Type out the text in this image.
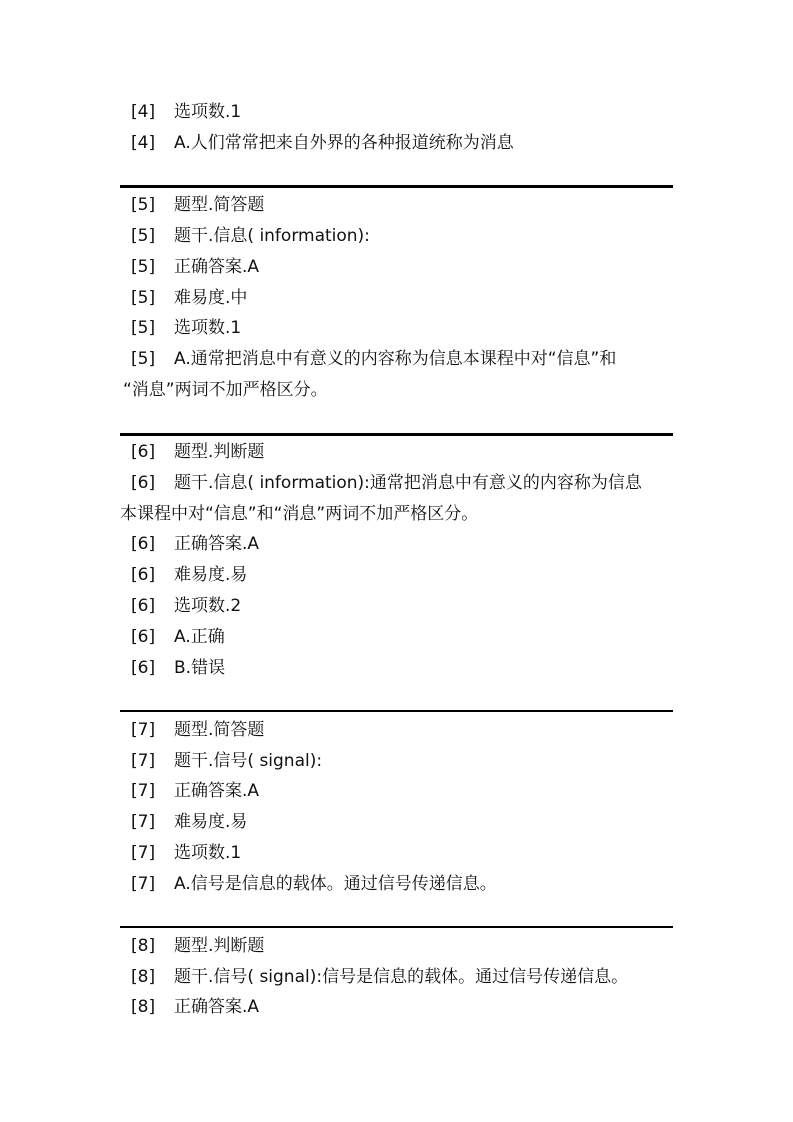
[4] 选项数.1
[4] A.人们常常把来自外界的各种报道统称为消息
[5] 题型.简答题
[5] 题干.信息( information):
[5] 正确答案.A
[5] 难易度.中
[5] 选项数.1
[5] A.通常把消息中有意义的内容称为信息本课程中对“信息”和
“消息”两词不加严格区分。
[6] 题型.判断题
[6] 题干.信息( information):通常把消息中有意义的内容称为信息
本课程中对“信息”和“消息”两词不加严格区分。
[6] 正确答案.A
[6] 难易度.易
[6] 选项数.2
[6] A.正确
[6] B.错误
[7] 题型.简答题
[7] 题干.信号( signal):
[7] 正确答案.A
[7] 难易度.易
[7] 选项数.1
[7] A.信号是信息的载体。通过信号传递信息。
[8] 题型.判断题
[8] 题干.信号( signal):信号是信息的载体。通过信号传递信息。
[8] 正确答案.A
